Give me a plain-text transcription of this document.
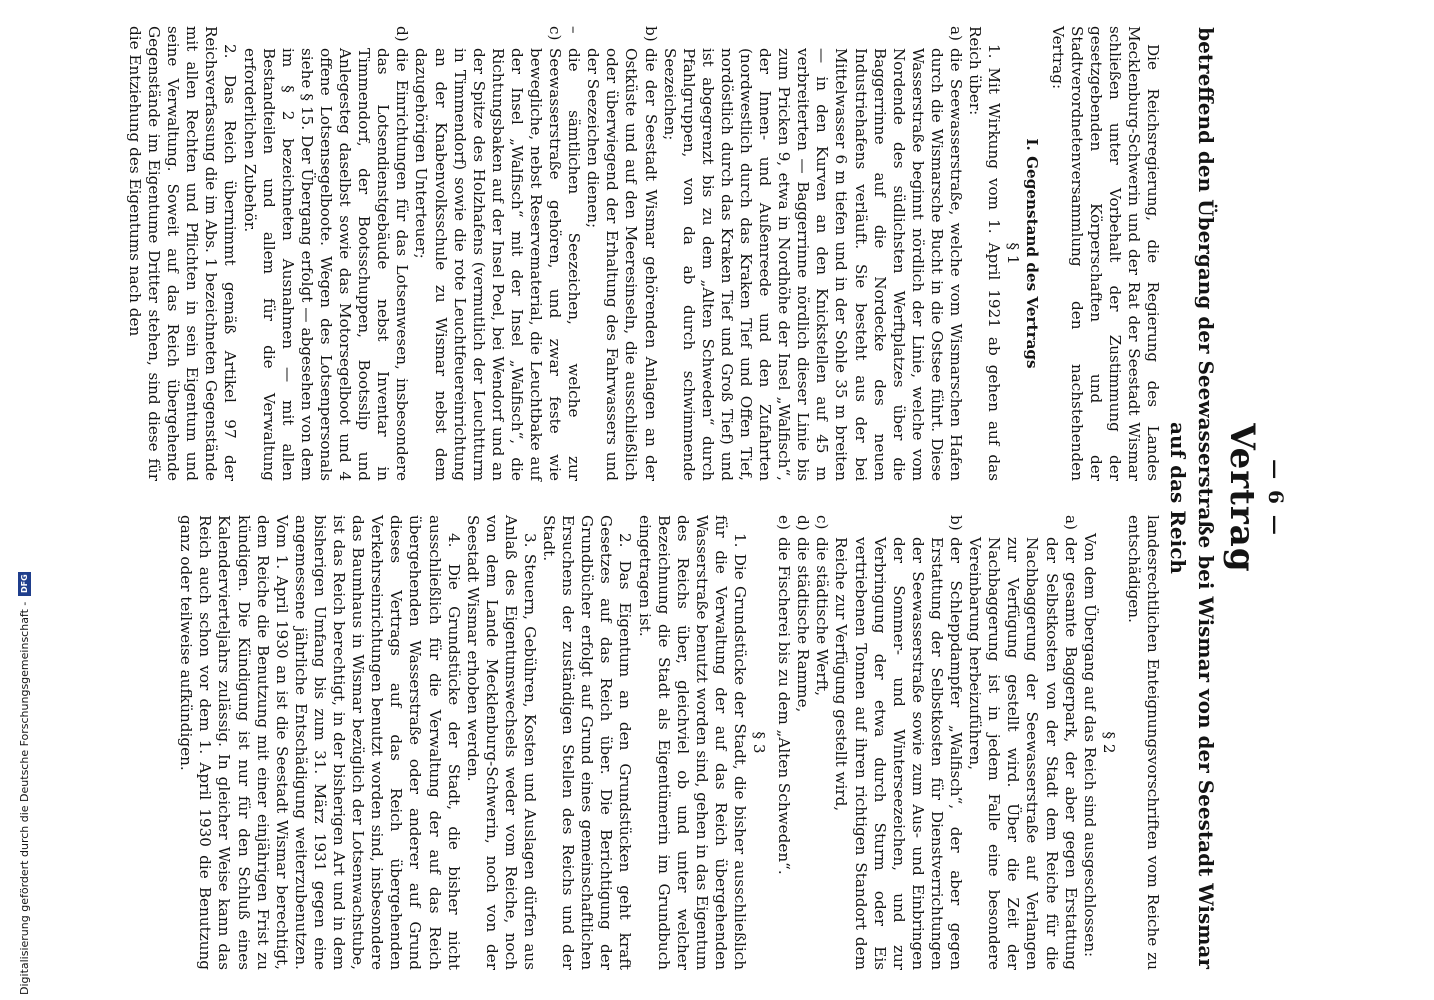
— 6 —
Vertrag
betreffend den Übergang der Seewasserstraße bei Wismar von der Seestadt Wismar
auf das Reich

Die Reichsregierung, die Regierung des Landes Mecklenburg-Schwerin und der Rat der Seestadt Wismar schließen unter Vorbehalt der Zustimmung der gesetzgebenden Körperschaften und der Stadtverordnetenversammlung den nachstehenden Vertrag:

I. Gegenstand des Vertrags

§ 1

1. Mit Wirkung vom 1. April 1921 ab gehen auf das Reich über:

a)
die Seewasserstraße, welche vom Wismarschen Hafen durch die Wismarsche Bucht in die Ostsee führt. Diese Wasserstraße beginnt nördlich der Linie, welche vom Nordende des südlichsten Werftplatzes über die Baggerrinne auf die Nordecke des neuen Industriehafens verläuft. Sie besteht aus der bei Mittelwasser 6 m tiefen und in der Sohle 35 m breiten — in den Kurven an den Knickstellen auf 45 m verbreiterten — Baggerrinne nördlich dieser Linie bis zum Pricken 9, etwa in Nordhöhe der Insel „Walfisch“, der Innen- und Außenreede und den Zufahrten (nordwestlich durch das Kraken Tief und Offen Tief, nordöstlich durch das Kraken Tief und Groß Tief) und ist abgegrenzt bis zu dem „Alten Schweden“ durch Pfahlgruppen, von da ab durch schwimmende Seezeichen;
b)
die der Seestadt Wismar gehörenden Anlagen an der Ostküste und auf den Meeresinseln, die ausschließlich oder überwiegend der Erhaltung des Fahrwassers und der Seezeichen dienen;
–c)
die sämtlichen Seezeichen, welche zur Seewasserstraße gehören, und zwar feste wie bewegliche, nebst Reservematerial, die Leuchtbake auf der Insel „Walfisch“ mit der Insel „Walfisch“, die Richtungsbaken auf der Insel Poel, bei Wendorf und an der Spitze des Holzhafens (vermutlich der Leuchtturm in Timmendorf) sowie die rote Leuchtfeuereinrichtung an der Knabenvolksschule zu Wismar nebst dem dazugehörigen Unterteuer;
d)
die Einrichtungen für das Lotsenwesen, insbesondere das Lotsendienstgebäude nebst Inventar in Timmendorf, der Bootsschuppen, Bootsslip und Anlegesteg daselbst sowie das Motorsegelboot und 4 offene Lotsensegelboote. Wegen des Lotsenpersonals siehe § 15. Der Übergang erfolgt — abgesehen von dem im § 2 bezeichneten Ausnahmen — mit allen Bestandteilen und allem für die Verwaltung erforderlichen Zubehör.

2. Das Reich übernimmt gemäß Artikel 97 der Reichsverfassung die im Abs. 1 bezeichneten Gegenstände mit allen Rechten und Pflichten in sein Eigentum und seine Verwaltung. Soweit auf das Reich übergehende Gegenstände im Eigentume Dritter stehen, sind diese für die Entziehung des Eigentums nach den

landesrechtlichen Enteignungsvorschriften vom Reiche zu entschädigen.

§ 2

Von dem Übergang auf das Reich sind ausgeschlossen:

a)
der gesamte Baggerpark, der aber gegen Erstattung der Selbstkosten von der Stadt dem Reiche für die Nachbaggerung der Seewasserstraße auf Verlangen zur Verfügung gestellt wird. Über die Zeit der Nachbaggerung ist in jedem Falle eine besondere Vereinbarung herbeizuführen,
b)
der Schleppdampfer „Walfisch“, der aber gegen Erstattung der Selbstkosten für Dienstverrichtungen der Seewasserstraße sowie zum Aus- und Einbringen der Sommer- und Winterseezeichen, und zur Verbringung der etwa durch Sturm oder Eis vertriebenen Tonnen auf ihren richtigen Standort dem Reiche zur Verfügung gestellt wird,
c)
die städtische Werft,
d)
die städtische Ramme,
e)
die Fischerei bis zu dem „Alten Schweden“.

§ 3

1. Die Grundstücke der Stadt, die bisher ausschließlich für die Verwaltung der auf das Reich übergehenden Wasserstraße benutzt worden sind, gehen in das Eigentum des Reichs über, gleichviel ob und unter welcher Bezeichnung die Stadt als Eigentümerin im Grundbuch eingetragen ist.

2. Das Eigentum an den Grundstücken geht kraft Gesetzes auf das Reich über. Die Berichtigung der Grundbücher erfolgt auf Grund eines gemeinschaftlichen Ersuchens der zuständigen Stellen des Reichs und der Stadt.

3. Steuern, Gebühren, Kosten und Auslagen dürfen aus Anlaß des Eigentumswechsels weder vom Reiche, noch von dem Lande Mecklenburg-Schwerin, noch von der Seestadt Wismar erhoben werden.

4. Die Grundstücke der Stadt, die bisher nicht ausschließlich für die Verwaltung der auf das Reich übergehenden Wasserstraße oder anderer auf Grund dieses Vertrags auf das Reich übergehenden Verkehrseinrichtungen benutzt worden sind, insbesondere das Baumhaus in Wismar bezüglich der Lotsenwachstube, ist das Reich berechtigt, in der bisherigen Art und in dem bisherigen Umfang bis zum 31. März 1931 gegen eine angemessene jährliche Entschädigung weiterzubenutzen. Vom 1. April 1930 an ist die Seestadt Wismar berechtigt, dem Reiche die Benutzung mit einer einjährigen Frist zu kündigen. Die Kündigung ist nur für den Schluß eines Kalendervierteljahrs zulässig. In gleicher Weise kann das Reich auch schon vor dem 1. April 1930 die Benutzung ganz oder teilweise aufkündigen.

Digitalisierung gefördert durch die Deutsche Forschungsgemeinschaft -
DFG
